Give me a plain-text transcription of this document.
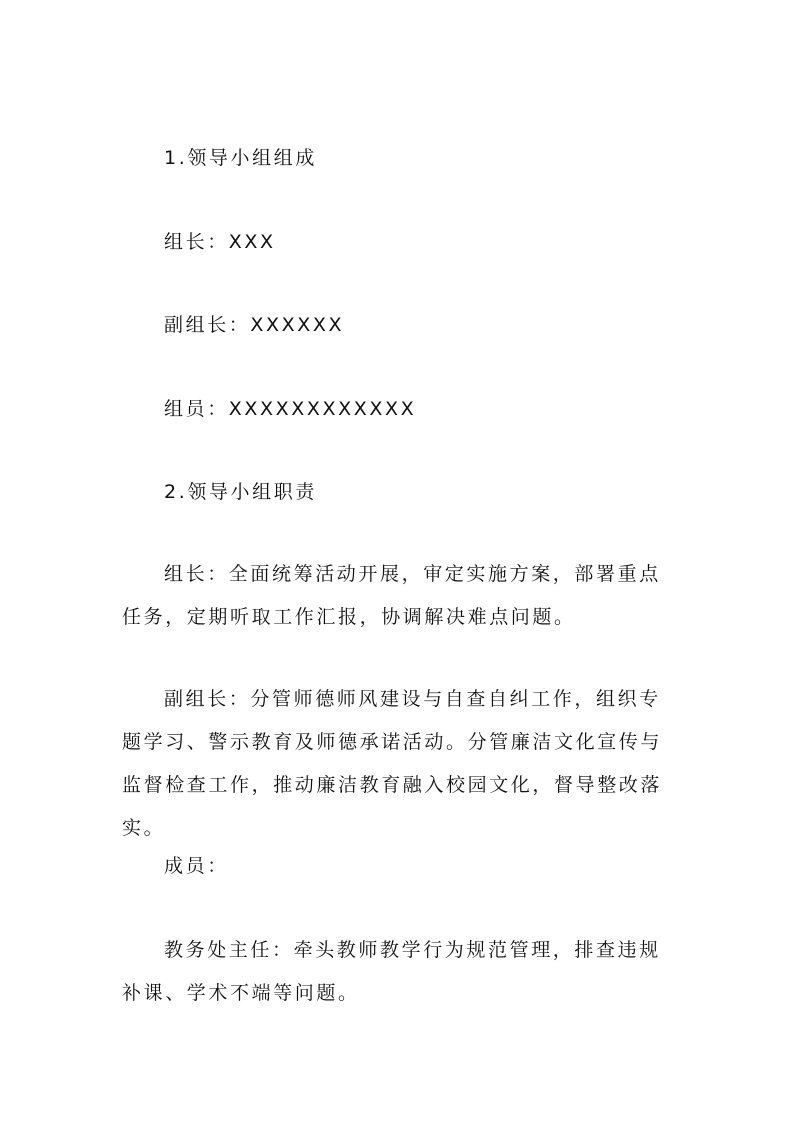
1.领导小组组成

组长：XXX

副组长：XXXXXX

组员：XXXXXXXXXXXX

2.领导小组职责

组长：全面统筹活动开展，审定实施方案，部署重点任务，定期听取工作汇报，协调解决难点问题。

副组长：分管师德师风建设与自查自纠工作，组织专题学习、警示教育及师德承诺活动。分管廉洁文化宣传与监督检查工作，推动廉洁教育融入校园文化，督导整改落实。

成员：

教务处主任：牵头教师教学行为规范管理，排查违规补课、学术不端等问题。
